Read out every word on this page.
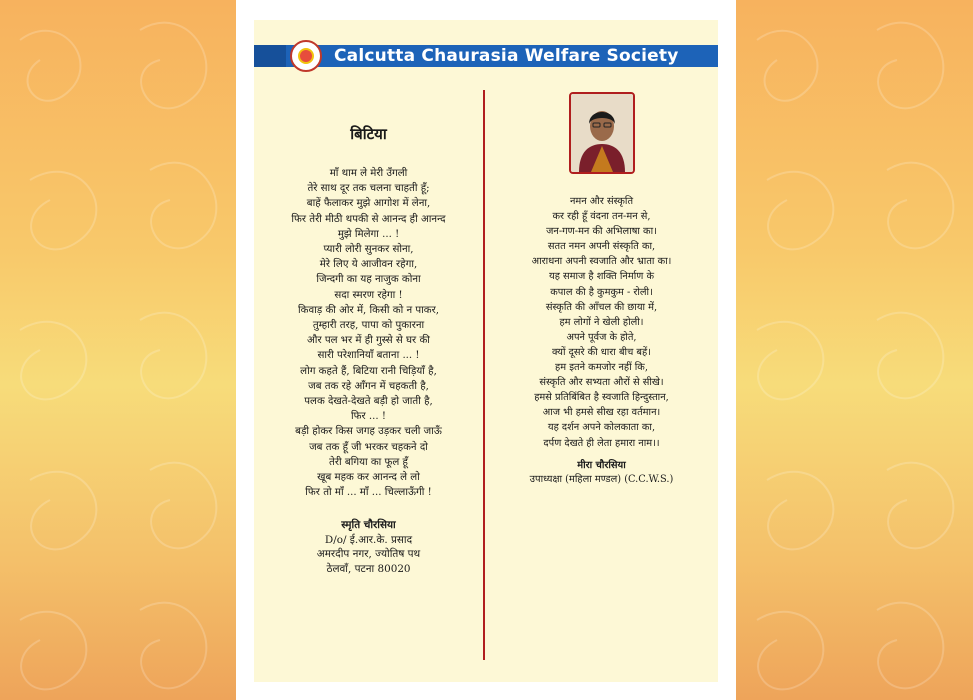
Calcutta Chaurasia Welfare Society
बिटिया
माँ थाम ले मेरी उँगली
तेरे साथ दूर तक चलना चाहती हूँ;
बाहें फैलाकर मुझे आगोश में लेना,
फिर तेरी मीठी थपकी से आनन्द ही आनन्द
मुझे मिलेगा ... !
प्यारी लोरी सुनकर सोना,
मेरे लिए ये आजीवन रहेगा,
जिन्दगी का यह नाजुक कोना
सदा स्मरण रहेगा !
किवाड़ की ओर में, किसी को न पाकर,
तुम्हारी तरह, पापा को पुकारना
और पल भर में ही गुस्से से घर की
सारी परेशानियाँ बताना ... !
लोग कहते हैं, बिटिया रानी चिड़ियाँ है,
जब तक रहे आँगन में चहकती है,
पलक देखते-देखते बड़ी हो जाती है,
फिर ... !
बड़ी होकर किस जगह उड़कर चली जाऊँ
जब तक हूँ जी भरकर चहकने दो
तेरी बगिया का फूल हूँ
खूब महक कर आनन्द ले लो
फिर तो माँ ... माँ ... चिल्लाऊँगी !
स्मृति चौरसिया
D/o/ ई.आर.के. प्रसाद
अमरदीप नगर, ज्योतिष पथ
ठेलवाँ, पटना 80020
नमन और संस्कृति
कर रही हूँ वंदना तन-मन से,
जन-गण-मन की अभिलाषा का।
सतत नमन अपनी संस्कृति का,
आराधना अपनी स्वजाति और भ्राता का।
यह समाज है शक्ति निर्माण के
कपाल की है कुमकुम - रोली।
संस्कृति की आँचल की छाया में,
हम लोगों ने खेली होली।
अपने पूर्वज के होते,
क्यों दूसरे की धारा बीच बहें।
हम इतने कमजोर नहीं कि,
संस्कृति और सभ्यता औरों से सीखे।
हमसे प्रतिबिंबित है स्वजाति हिन्दुस्तान,
आज भी हमसे सीख रहा वर्तमान।
यह दर्शन अपने कोलकाता का,
दर्पण देखते ही लेता हमारा नाम।।
मीरा चौरसिया
उपाध्यक्षा (महिला मण्डल) (C.C.W.S.)
